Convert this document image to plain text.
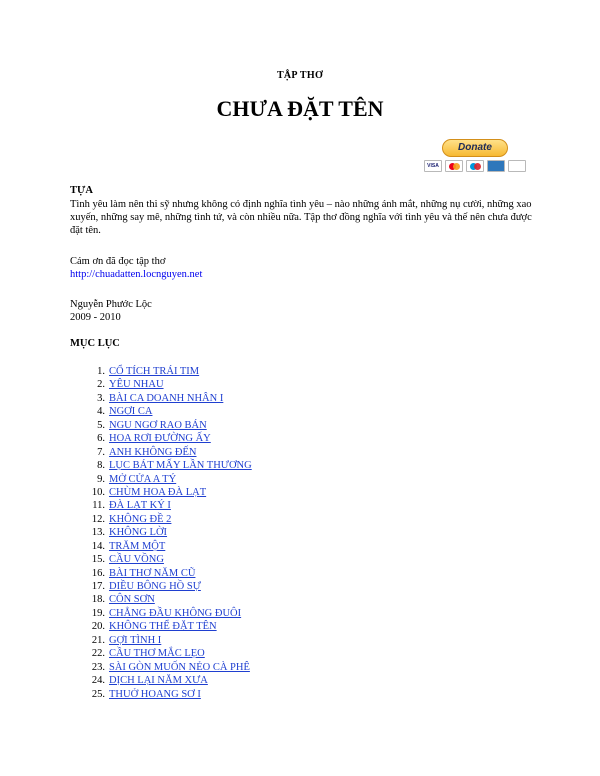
TẬP THƠ
CHƯA ĐẶT TÊN
Donate
VISA
TỰA
Tình yêu làm nên thi sỹ nhưng không có định nghĩa tình yêu – nào những ánh mắt, những nụ cười, những xao xuyến, những say mê, những tình tứ, và còn nhiều nữa. Tập thơ đồng nghĩa với tình yêu và thế nên chưa được đặt tên.
Cám ơn đã đọc tập thơ
http://chuadatten.locnguyen.net
Nguyễn Phước Lộc
2009 - 2010
MỤC LỤC
1. CỔ TÍCH TRÁI TIM
2. YÊU NHAU
3. BÀI CA DOANH NHÂN I
4. NGỢI CA
5. NGU NGƠ RAO BÁN
6. HOA RƠI ĐƯỜNG ẤY
7. ANH KHÔNG ĐẾN
8. LỤC BÁT MẤY LẦN THƯƠNG
9. MỞ CỬA A TÝ
10. CHÙM HOA ĐÀ LẠT
11. ĐÀ LẠT KÝ I
12. KHÔNG ĐỀ 2
13. KHÔNG LỜI
14. TRĂM MỘT
15. CẦU VỒNG
16. BÀI THƠ NĂM CŨ
17. DIỀU BÔNG HỒ SỰ
18. CÔN SƠN
19. CHẲNG ĐẦU KHÔNG ĐUÔI
20. KHÔNG THỂ ĐẶT TÊN
21. GỢI TÌNH I
22. CẦU THƠ MẮC LẸO
23. SÀI GÒN MUỐN NẺO CÀ PHÊ
24. DỊCH LẠI NĂM XƯA
25. THUỞ HOANG SƠ I
